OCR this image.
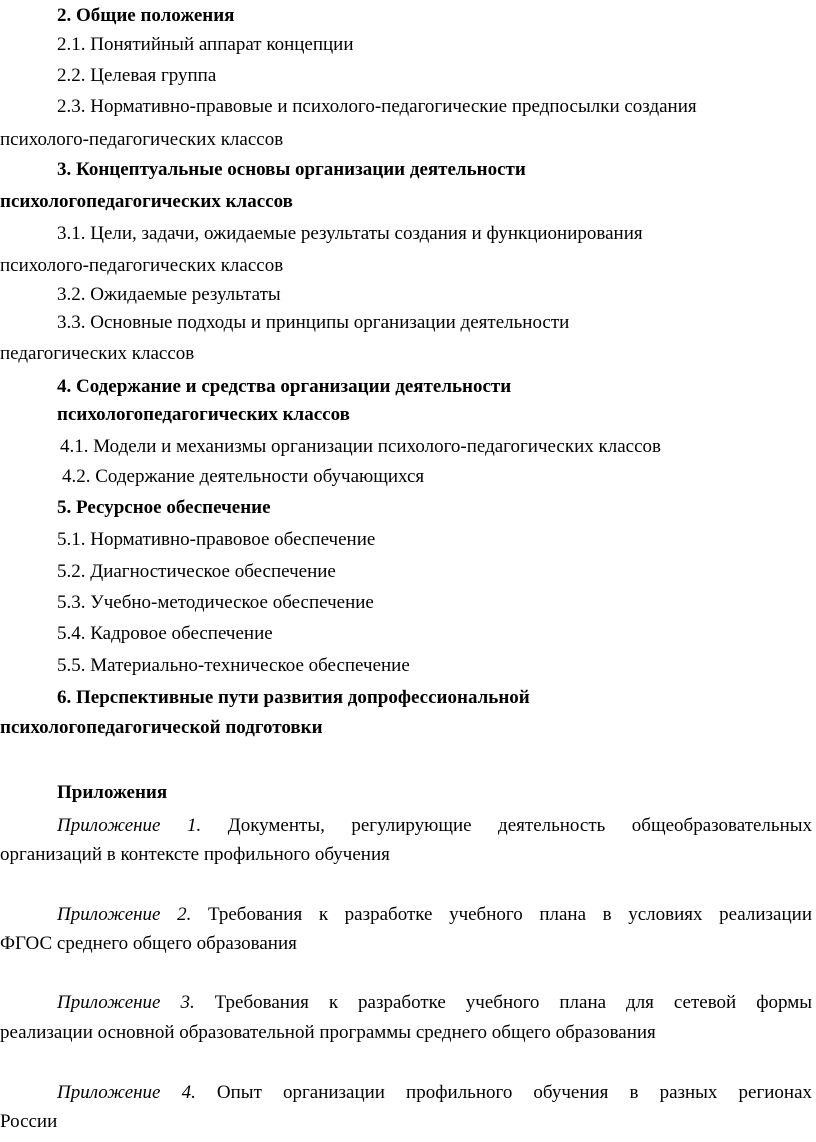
2. Общие положения
2.1. Понятийный аппарат концепции
2.2. Целевая группа
2.3. Нормативно-правовые и психолого-педагогические предпосылки создания
психолого-педагогических классов
3. Концептуальные основы организации деятельности
психологопедагогических классов
3.1. Цели, задачи, ожидаемые результаты создания и функционирования
психолого-педагогических классов
3.2. Ожидаемые результаты
3.3. Основные подходы и принципы организации деятельности
педагогических классов
4. Содержание и средства организации деятельности
психологопедагогических классов
4.1. Модели и механизмы организации психолого-педагогических классов
4.2. Содержание деятельности обучающихся
5. Ресурсное обеспечение
5.1. Нормативно-правовое обеспечение
5.2. Диагностическое обеспечение
5.3. Учебно-методическое обеспечение
5.4. Кадровое обеспечение
5.5. Материально-техническое обеспечение
6. Перспективные пути развития допрофессиональной
психологопедагогической подготовки
Приложения
Приложение 1. Документы, регулирующие деятельность общеобразовательных
организаций в контексте профильного обучения
Приложение 2. Требования к разработке учебного плана в условиях реализации
ФГОС среднего общего образования
Приложение 3. Требования к разработке учебного плана для сетевой формы
реализации основной образовательной программы среднего общего образования
Приложение 4. Опыт организации профильного обучения в разных регионах
России
